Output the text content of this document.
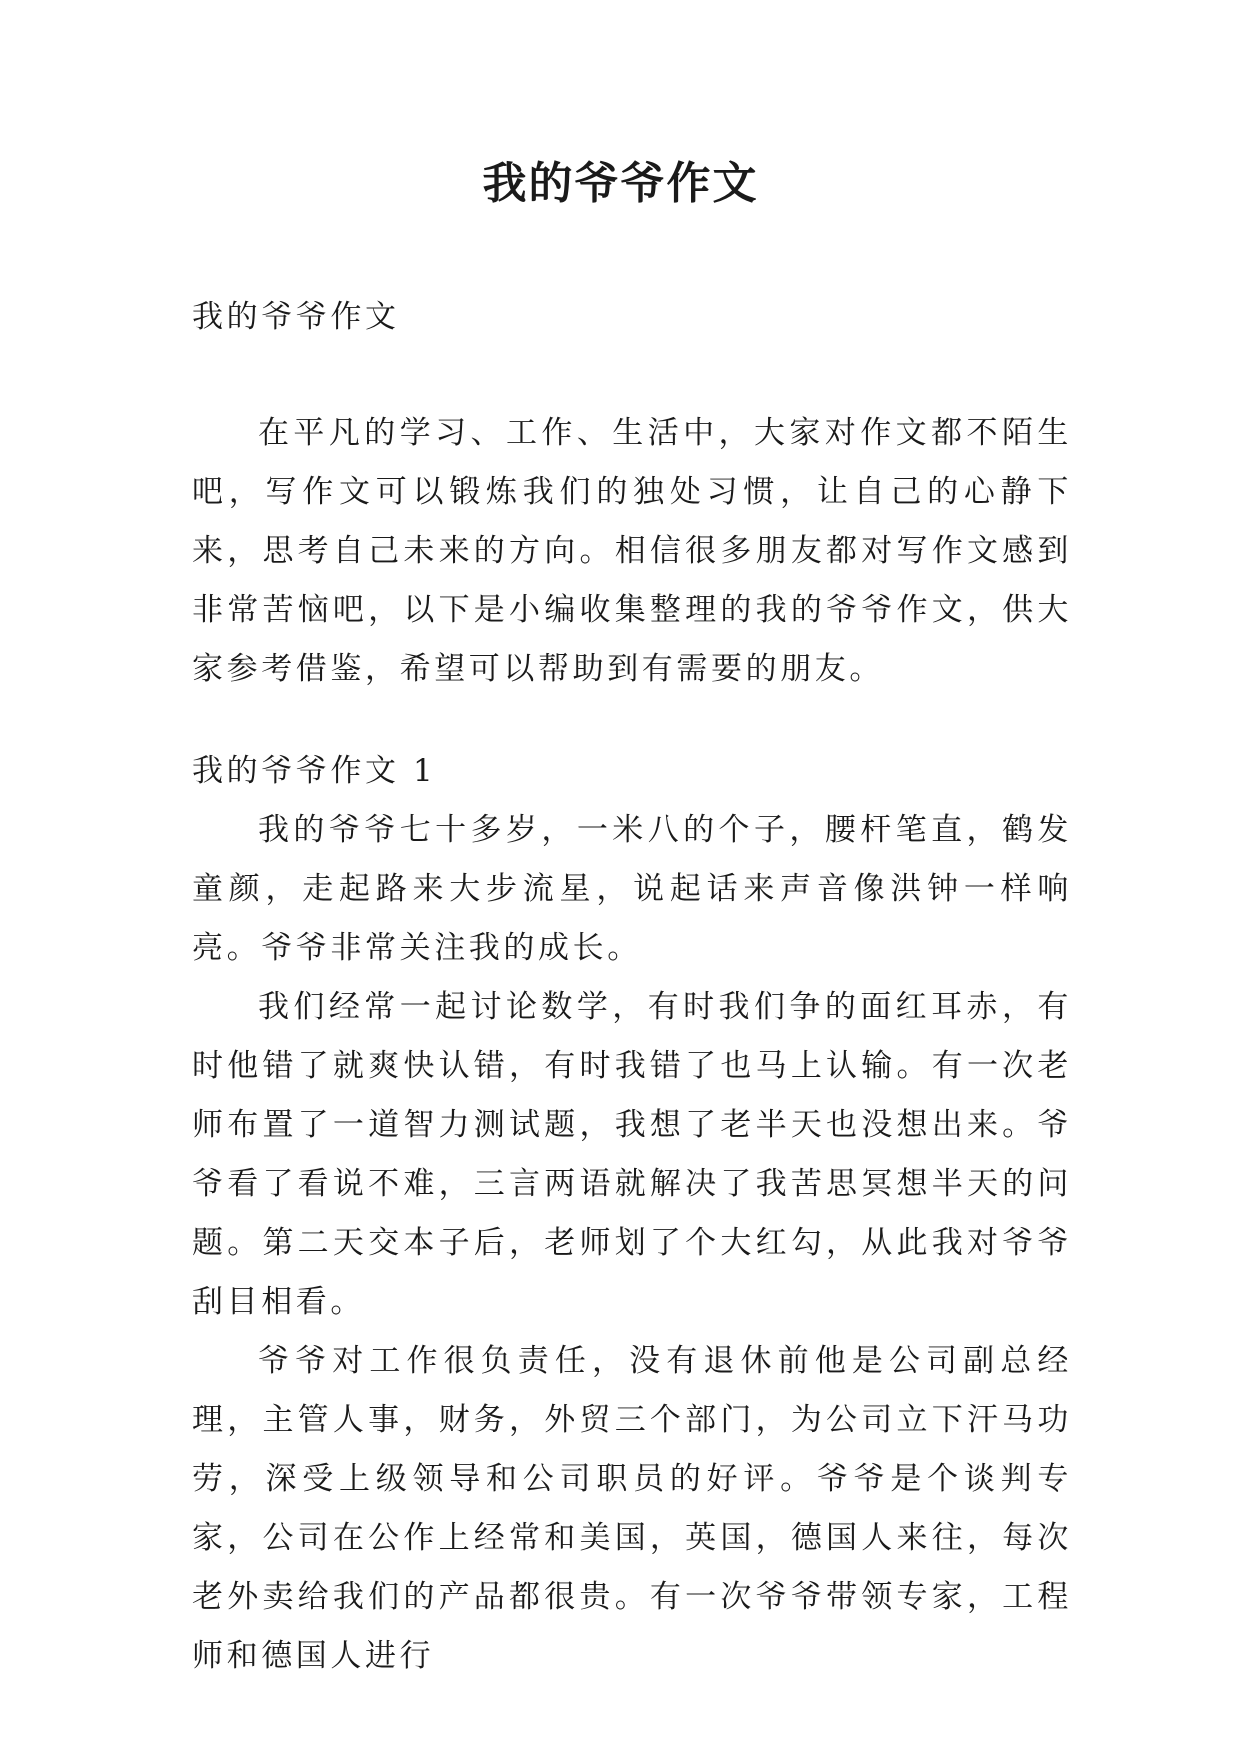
我的爷爷作文

我的爷爷作文

在平凡的学习、工作、生活中，大家对作文都不陌生吧，写作文可以锻炼我们的独处习惯，让自己的心静下来，思考自己未来的方向。相信很多朋友都对写作文感到非常苦恼吧，以下是小编收集整理的我的爷爷作文，供大家参考借鉴，希望可以帮助到有需要的朋友。

我的爷爷作文 1

我的爷爷七十多岁，一米八的个子，腰杆笔直，鹤发童颜，走起路来大步流星，说起话来声音像洪钟一样响亮。爷爷非常关注我的成长。

我们经常一起讨论数学，有时我们争的面红耳赤，有时他错了就爽快认错，有时我错了也马上认输。有一次老师布置了一道智力测试题，我想了老半天也没想出来。爷爷看了看说不难，三言两语就解决了我苦思冥想半天的问题。第二天交本子后，老师划了个大红勾，从此我对爷爷刮目相看。

爷爷对工作很负责任，没有退休前他是公司副总经理，主管人事，财务，外贸三个部门，为公司立下汗马功劳，深受上级领导和公司职员的好评。爷爷是个谈判专家，公司在公作上经常和美国，英国，德国人来往，每次老外卖给我们的产品都很贵。有一次爷爷带领专家，工程师和德国人进行
